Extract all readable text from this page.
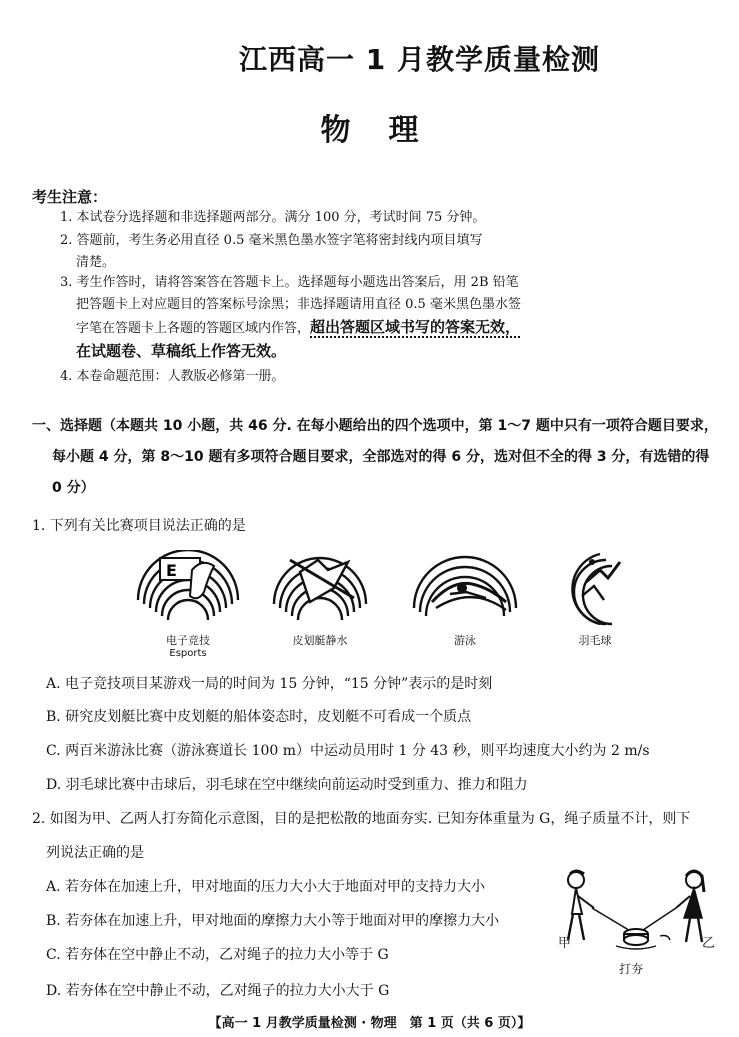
江西高一 1 月教学质量检测
物理
考生注意：
1. 本试卷分选择题和非选择题两部分。满分 100 分，考试时间 75 分钟。
2. 答题前，考生务必用直径 0.5 毫米黑色墨水签字笔将密封线内项目填写
清楚。
3. 考生作答时，请将答案答在答题卡上。选择题每小题选出答案后，用 2B 铅笔
把答题卡上对应题目的答案标号涂黑；非选择题请用直径 0.5 毫米黑色墨水签
字笔在答题卡上各题的答题区域内作答，超出答题区域书写的答案无效，
在试题卷、草稿纸上作答无效。
4. 本卷命题范围：人教版必修第一册。
一、选择题（本题共 10 小题，共 46 分. 在每小题给出的四个选项中，第 1～7 题中只有一项符合题目要求，
每小题 4 分，第 8～10 题有多项符合题目要求，全部选对的得 6 分，选对但不全的得 3 分，有选错的得
0 分）
1. 下列有关比赛项目说法正确的是
E
电子竞技
Esports
皮划艇静水	游泳	羽毛球
A. 电子竞技项目某游戏一局的时间为 15 分钟，“15 分钟”表示的是时刻
B. 研究皮划艇比赛中皮划艇的船体姿态时，皮划艇不可看成一个质点
C. 两百米游泳比赛（游泳赛道长 100 m）中运动员用时 1 分 43 秒，则平均速度大小约为 2 m/s
D. 羽毛球比赛中击球后，羽毛球在空中继续向前运动时受到重力、推力和阻力
2. 如图为甲、乙两人打夯简化示意图，目的是把松散的地面夯实. 已知夯体重量为 G，绳子质量不计，则下
列说法正确的是
A. 若夯体在加速上升，甲对地面的压力大小大于地面对甲的支持力大小
B. 若夯体在加速上升，甲对地面的摩擦力大小等于地面对甲的摩擦力大小
C. 若夯体在空中静止不动，乙对绳子的拉力大小等于 G
D. 若夯体在空中静止不动，乙对绳子的拉力大小大于 G
甲	乙
打夯
【高一 1 月教学质量检测 · 物理　第 1 页（共 6 页）】
